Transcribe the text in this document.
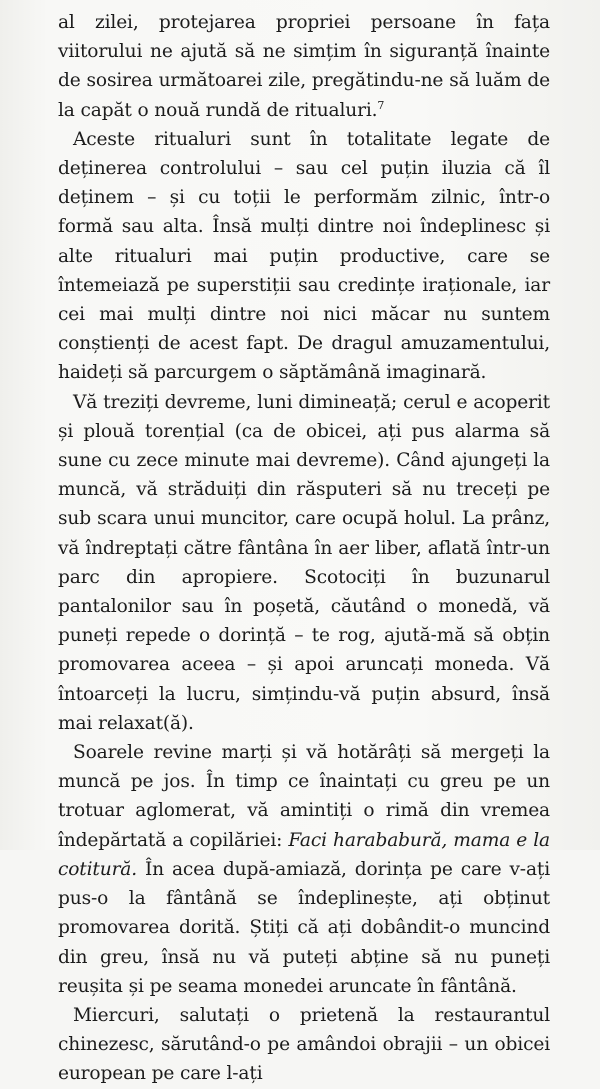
al zilei, protejarea propriei persoane în fața viitorului ne ajută să ne simțim în siguranță înainte de sosirea următoarei zile, pregătindu-ne să luăm de la capăt o nouă rundă de ritualuri.$^7$

Aceste ritualuri sunt în totalitate legate de deținerea controlului – sau cel puțin iluzia că îl deținem – și cu toții le performăm zilnic, într-o formă sau alta. Însă mulți dintre noi îndeplinesc și alte ritualuri mai puțin productive, care se întemeiază pe superstiții sau credințe iraționale, iar cei mai mulți dintre noi nici măcar nu suntem conștienți de acest fapt. De dragul amuzamentului, haideți să parcurgem o săptămână imaginară.

Vă treziți devreme, luni dimineață; cerul e acoperit și plouă torențial (ca de obicei, ați pus alarma să sune cu zece minute mai devreme). Când ajungeți la muncă, vă străduiți din răsputeri să nu treceți pe sub scara unui muncitor, care ocupă holul. La prânz, vă îndreptați către fântâna în aer liber, aflată într-un parc din apropiere. Scotociți în buzunarul pantalonilor sau în poșetă, căutând o monedă, vă puneți repede o dorință – te rog, ajută-mă să obțin promovarea aceea – și apoi aruncați moneda. Vă întoarceți la lucru, simțindu-vă puțin absurd, însă mai relaxat(ă).

Soarele revine marți și vă hotărâți să mergeți la muncă pe jos. În timp ce înaintați cu greu pe un trotuar aglomerat, vă amintiți o rimă din vremea îndepărtată a copilăriei: Faci harababură, mama e la cotitură. În acea după-amiază, dorința pe care v-ați pus-o la fântână se îndeplinește, ați obținut promovarea dorită. Știți că ați dobândit-o muncind din greu, însă nu vă puteți abține să nu puneți reușita și pe seama monedei aruncate în fântână.

Miercuri, salutați o prietenă la restaurantul chinezesc, sărutând-o pe amândoi obrajii – un obicei european pe care l-ați
